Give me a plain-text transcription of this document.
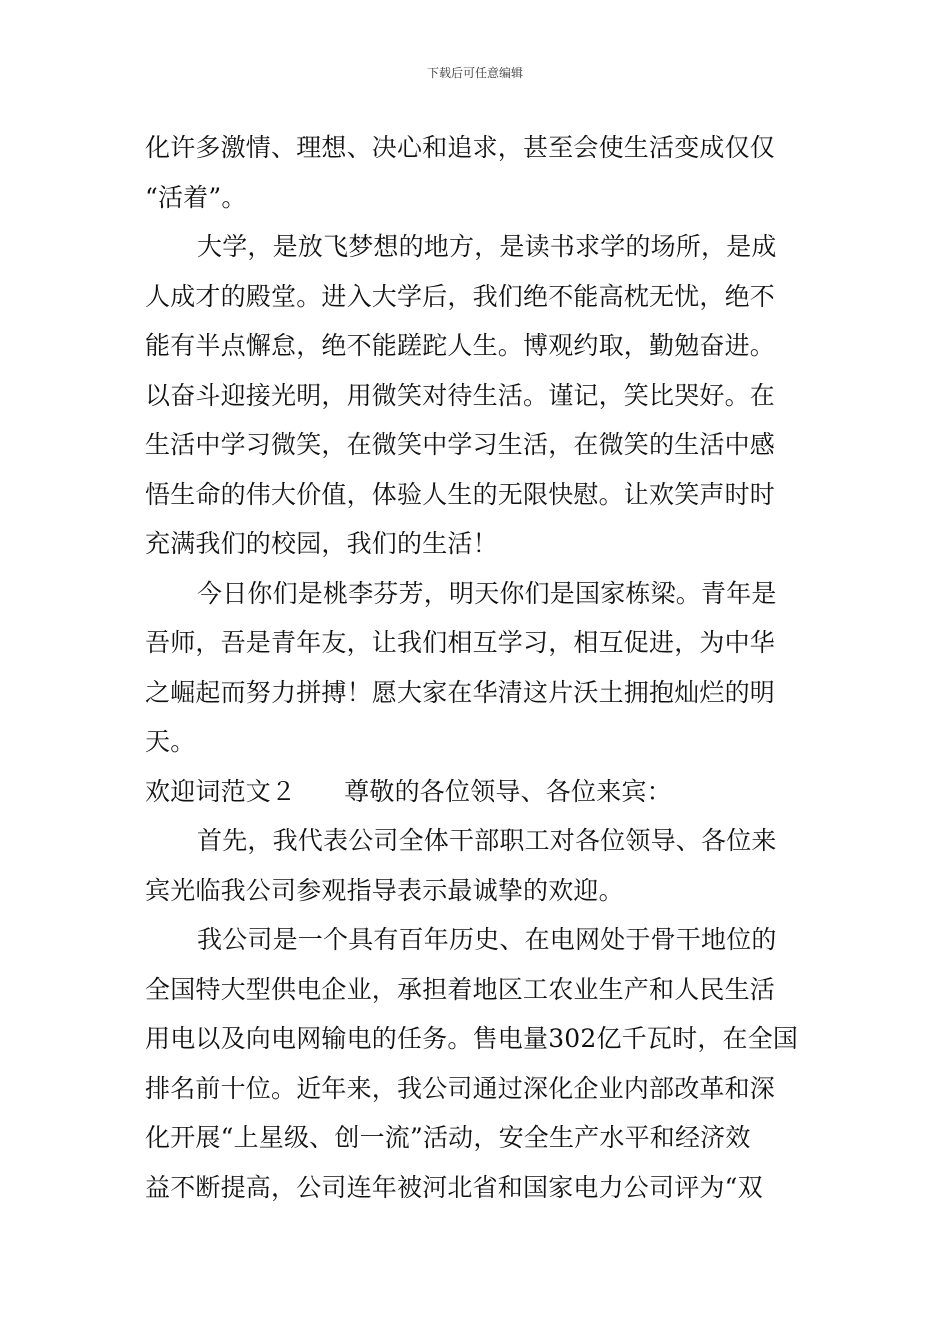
下载后可任意编辑
化许多激情、理想、决心和追求，甚至会使生活变成仅仅
“活着”。
大学，是放飞梦想的地方，是读书求学的场所，是成
人成才的殿堂。进入大学后，我们绝不能高枕无忧，绝不
能有半点懈怠，绝不能蹉跎人生。博观约取，勤勉奋进。
以奋斗迎接光明，用微笑对待生活。谨记，笑比哭好。在
生活中学习微笑，在微笑中学习生活，在微笑的生活中感
悟生命的伟大价值，体验人生的无限快慰。让欢笑声时时
充满我们的校园，我们的生活！
今日你们是桃李芬芳，明天你们是国家栋梁。青年是
吾师，吾是青年友，让我们相互学习，相互促进，为中华
之崛起而努力拼搏！愿大家在华清这片沃土拥抱灿烂的明
天。
欢迎词范文２ 尊敬的各位领导、各位来宾：
首先，我代表公司全体干部职工对各位领导、各位来
宾光临我公司参观指导表示最诚挚的欢迎。
我公司是一个具有百年历史、在电网处于骨干地位的
全国特大型供电企业，承担着地区工农业生产和人民生活
用电以及向电网输电的任务。售电量302亿千瓦时，在全国
排名前十位。近年来，我公司通过深化企业内部改革和深
化开展“上星级、创一流”活动，安全生产水平和经济效
益不断提高，公司连年被河北省和国家电力公司评为“双
